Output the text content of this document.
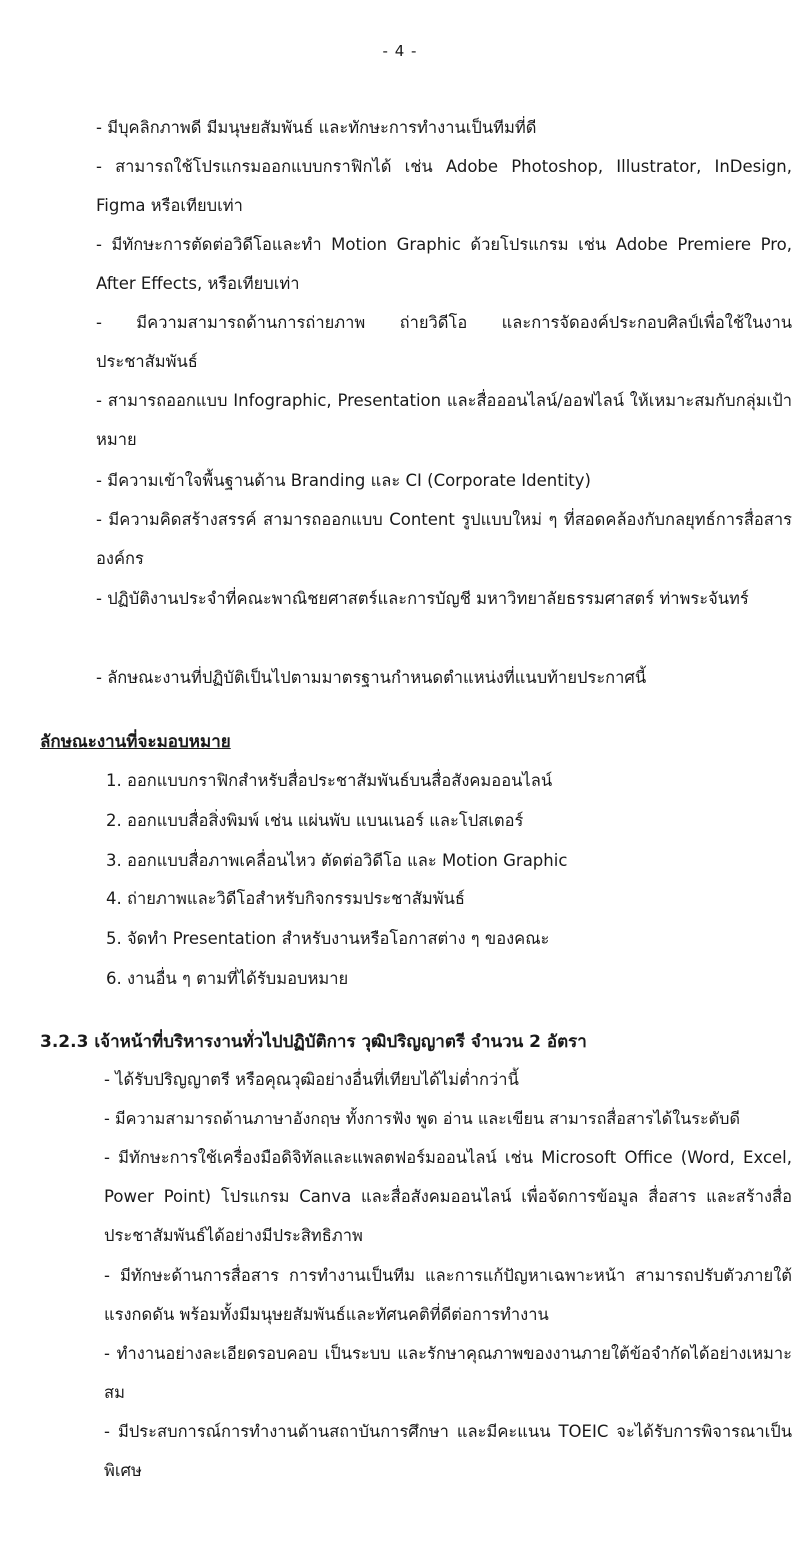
- 4 -
- มีบุคลิกภาพดี มีมนุษยสัมพันธ์ และทักษะการทำงานเป็นทีมที่ดี
- สามารถใช้โปรแกรมออกแบบกราฟิกได้ เช่น Adobe Photoshop, Illustrator, InDesign, Figma หรือเทียบเท่า
- มีทักษะการตัดต่อวิดีโอและทำ Motion Graphic ด้วยโปรแกรม เช่น Adobe Premiere Pro, After Effects, หรือเทียบเท่า
- มีความสามารถด้านการถ่ายภาพ ถ่ายวิดีโอ และการจัดองค์ประกอบศิลป์เพื่อใช้ในงานประชาสัมพันธ์
- สามารถออกแบบ Infographic, Presentation และสื่อออนไลน์/ออฟไลน์ ให้เหมาะสมกับกลุ่มเป้าหมาย
- มีความเข้าใจพื้นฐานด้าน Branding และ CI (Corporate Identity)
- มีความคิดสร้างสรรค์ สามารถออกแบบ Content รูปแบบใหม่ ๆ ที่สอดคล้องกับกลยุทธ์การสื่อสารองค์กร
- ปฏิบัติงานประจำที่คณะพาณิชยศาสตร์และการบัญชี มหาวิทยาลัยธรรมศาสตร์ ท่าพระจันทร์
- ลักษณะงานที่ปฏิบัติเป็นไปตามมาตรฐานกำหนดตำแหน่งที่แนบท้ายประกาศนี้
ลักษณะงานที่จะมอบหมาย
1. ออกแบบกราฟิกสำหรับสื่อประชาสัมพันธ์บนสื่อสังคมออนไลน์
2. ออกแบบสื่อสิ่งพิมพ์ เช่น แผ่นพับ แบนเนอร์ และโปสเตอร์
3. ออกแบบสื่อภาพเคลื่อนไหว ตัดต่อวิดีโอ และ Motion Graphic
4. ถ่ายภาพและวิดีโอสำหรับกิจกรรมประชาสัมพันธ์
5. จัดทำ Presentation สำหรับงานหรือโอกาสต่าง ๆ ของคณะ
6. งานอื่น ๆ ตามที่ได้รับมอบหมาย
3.2.3 เจ้าหน้าที่บริหารงานทั่วไปปฏิบัติการ วุฒิปริญญาตรี จำนวน 2 อัตรา
- ได้รับปริญญาตรี หรือคุณวุฒิอย่างอื่นที่เทียบได้ไม่ต่ำกว่านี้
- มีความสามารถด้านภาษาอังกฤษ ทั้งการฟัง พูด อ่าน และเขียน สามารถสื่อสารได้ในระดับดี
- มีทักษะการใช้เครื่องมือดิจิทัลและแพลตฟอร์มออนไลน์ เช่น Microsoft Office (Word, Excel, Power Point) โปรแกรม Canva และสื่อสังคมออนไลน์ เพื่อจัดการข้อมูล สื่อสาร และสร้างสื่อประชาสัมพันธ์ได้อย่างมีประสิทธิภาพ
- มีทักษะด้านการสื่อสาร การทำงานเป็นทีม และการแก้ปัญหาเฉพาะหน้า สามารถปรับตัวภายใต้แรงกดดัน พร้อมทั้งมีมนุษยสัมพันธ์และทัศนคติที่ดีต่อการทำงาน
- ทำงานอย่างละเอียดรอบคอบ เป็นระบบ และรักษาคุณภาพของงานภายใต้ข้อจำกัดได้อย่างเหมาะสม
- มีประสบการณ์การทำงานด้านสถาบันการศึกษา และมีคะแนน TOEIC จะได้รับการพิจารณาเป็นพิเศษ
